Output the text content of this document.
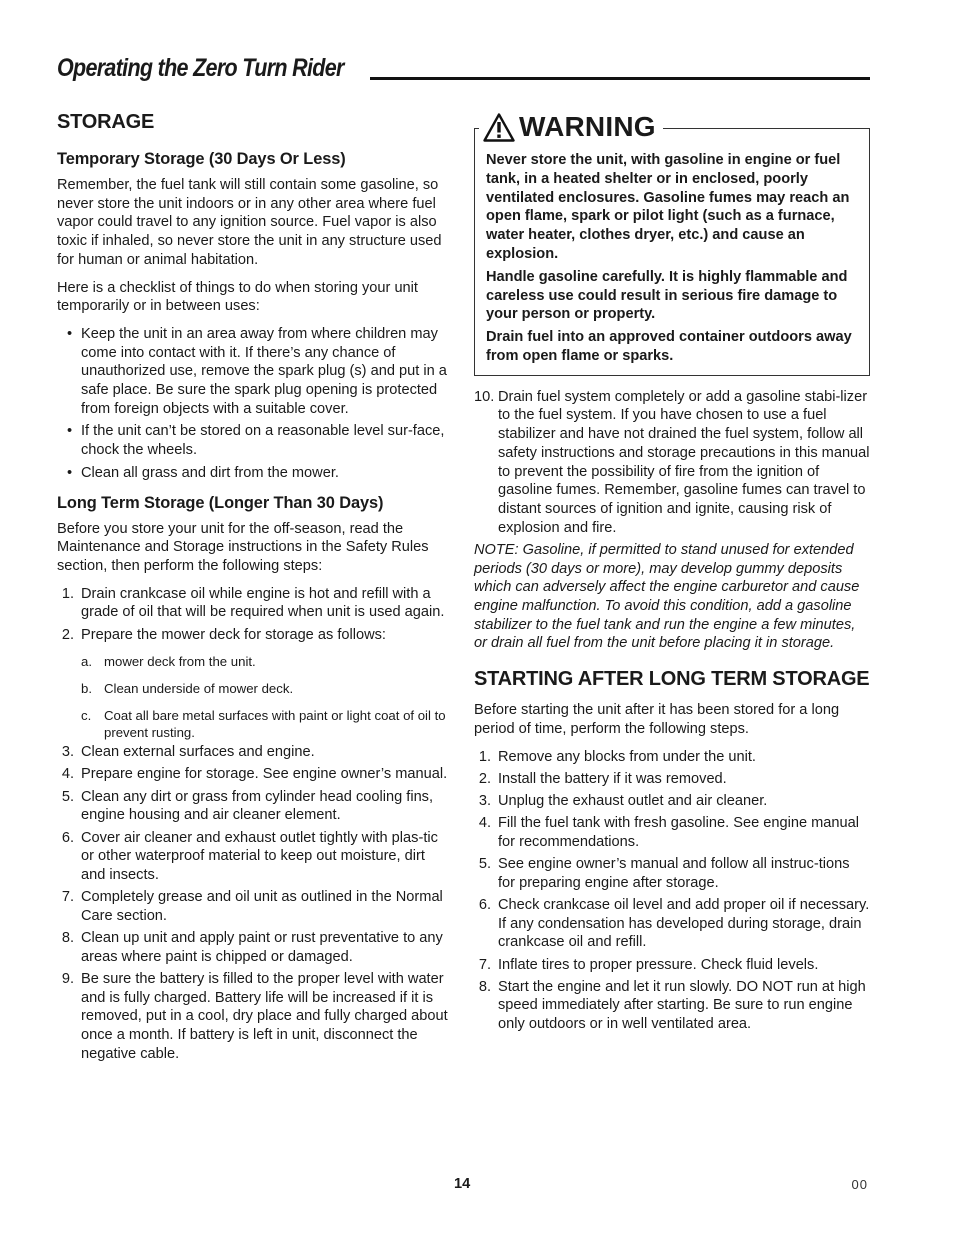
Operating the Zero Turn Rider
STORAGE
Temporary Storage (30 Days Or Less)

Remember, the fuel tank will still contain some gasoline, so never store the unit indoors or in any other area where fuel vapor could travel to any ignition source. Fuel vapor is also toxic if inhaled, so never store the unit in any structure used for human or animal habitation.

Here is a checklist of things to do when storing your unit temporarily or in between uses:

• Keep the unit in an area away from where children may come into contact with it. If there’s any chance of unauthorized use, remove the spark plug (s) and put in a safe place. Be sure the spark plug opening is protected from foreign objects with a suitable cover.
• If the unit can’t be stored on a reasonable level sur-face, chock the wheels.
• Clean all grass and dirt from the mower.
Long Term Storage (Longer Than 30 Days)

Before you store your unit for the off-season, read the Maintenance and Storage instructions in the Safety Rules section, then perform the following steps:

1. Drain crankcase oil while engine is hot and refill with a grade of oil that will be required when unit is used again.
2. Prepare the mower deck for storage as follows:
a. mower deck from the unit.
b. Clean underside of mower deck.
c. Coat all bare metal surfaces with paint or light coat of oil to prevent rusting.
3. Clean external surfaces and engine.
4. Prepare engine for storage. See engine owner’s manual.
5. Clean any dirt or grass from cylinder head cooling fins, engine housing and air cleaner element.
6. Cover air cleaner and exhaust outlet tightly with plas-tic or other waterproof material to keep out moisture, dirt and insects.
7. Completely grease and oil unit as outlined in the Normal Care section.
8. Clean up unit and apply paint or rust preventative to any areas where paint is chipped or damaged.
9. Be sure the battery is filled to the proper level with water and is fully charged. Battery life will be increased if it is removed, put in a cool, dry place and fully charged about once a month. If battery is left in unit, disconnect the negative cable.
WARNING

Never store the unit, with gasoline in engine or fuel tank, in a heated shelter or in enclosed, poorly ventilated enclosures. Gasoline fumes may reach an open flame, spark or pilot light (such as a furnace, water heater, clothes dryer, etc.) and cause an explosion.

Handle gasoline carefully. It is highly flammable and careless use could result in serious fire damage to your person or property.

Drain fuel into an approved container outdoors away from open flame or sparks.

10. Drain fuel system completely or add a gasoline stabi-lizer to the fuel system. If you have chosen to use a fuel stabilizer and have not drained the fuel system, follow all safety instructions and storage precautions in this manual to prevent the possibility of fire from the ignition of gasoline fumes. Remember, gasoline fumes can travel to distant sources of ignition and ignite, causing risk of explosion and fire.

NOTE: Gasoline, if permitted to stand unused for extended periods (30 days or more), may develop gummy deposits which can adversely affect the engine carburetor and cause engine malfunction. To avoid this condition, add a gasoline stabilizer to the fuel tank and run the engine a few minutes, or drain all fuel from the unit before placing it in storage.

STARTING AFTER LONG TERM STORAGE

Before starting the unit after it has been stored for a long period of time, perform the following steps.

1. Remove any blocks from under the unit.
2. Install the battery if it was removed.
3. Unplug the exhaust outlet and air cleaner.
4. Fill the fuel tank with fresh gasoline. See engine manual for recommendations.
5. See engine owner’s manual and follow all instruc-tions for preparing engine after storage.
6. Check crankcase oil level and add proper oil if necessary. If any condensation has developed during storage, drain crankcase oil and refill.
7. Inflate tires to proper pressure. Check fluid levels.
8. Start the engine and let it run slowly. DO NOT run at high speed immediately after starting. Be sure to run engine only outdoors or in well ventilated area.
14	00
